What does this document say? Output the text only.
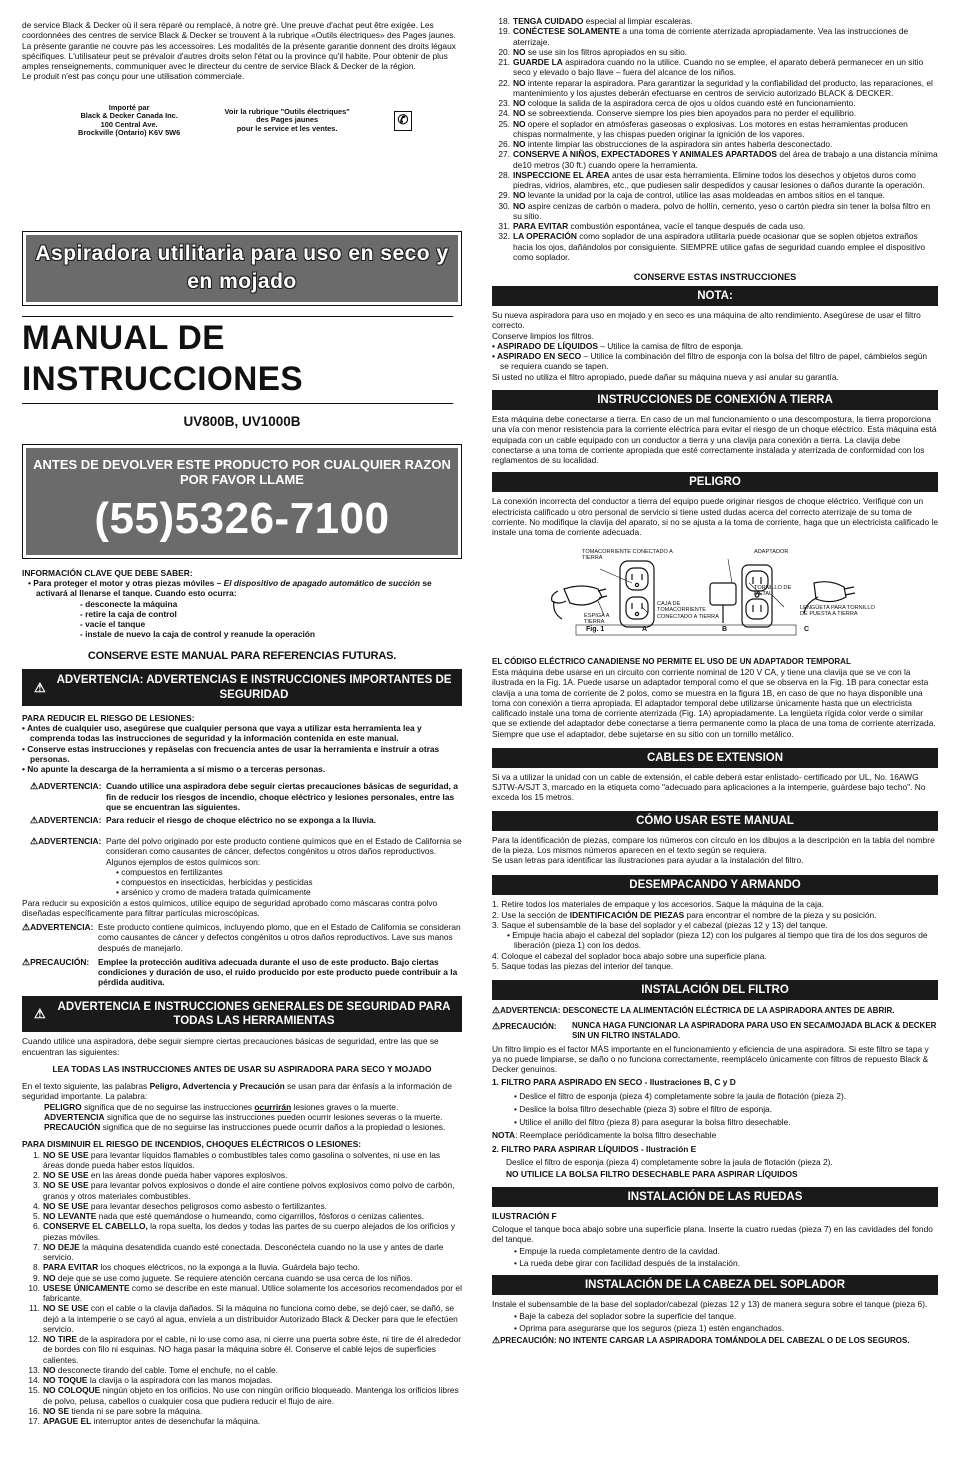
de service Black & Decker où il sera réparé ou remplacé, à notre gré. Une preuve d'achat peut être exigée. Les coordonnées des centres de service Black & Decker se trouvent à la rubrique «Outils électriques» des Pages jaunes.

La présente garantie ne couvre pas les accessoires. Les modalités de la présente garantie donnent des droits légaux spécifiques. L'utilisateur peut se prévaloir d'autres droits selon l'état ou la province qu'il habite. Pour obtenir de plus amples renseignements, communiquer avec le directeur du centre de service Black & Decker de la région.

Le produit n'est pas conçu pour une utilisation commerciale.

Importé par
Black & Decker Canada Inc.
100 Central Ave.
Brockville (Ontario) K6V 5W6
Voir la rubrique "Outils électriques"
des Pages jaunes
pour le service et les ventes.
✆
Aspiradora utilitaria para uso en seco y en mojado
MANUAL DE INSTRUCCIONES
UV800B, UV1000B
ANTES DE DEVOLVER ESTE PRODUCTO POR CUALQUIER RAZON POR FAVOR LLAME
(55)5326-7100

INFORMACIÓN CLAVE QUE DEBE SABER:

• Para proteger el motor y otras piezas móviles – El dispositivo de apagado automático de succión se activará al llenarse el tanque. Cuando esto ocurra:

- desconecte la máquina

- retire la caja de control

- vacíe el tanque

- instale de nuevo la caja de control y reanude la operación

CONSERVE ESTE MANUAL PARA REFERENCIAS FUTURAS.
⚠ ADVERTENCIA: ADVERTENCIAS E INSTRUCCIONES IMPORTANTES DE SEGURIDAD

PARA REDUCIR EL RIESGO DE LESIONES:

• Antes de cualquier uso, asegúrese que cualquier persona que vaya a utilizar esta herramienta lea y comprenda todas las instrucciones de seguridad y la información contenida en este manual.

• Conserve estas instrucciones y repáselas con frecuencia antes de usar la herramienta e instruir a otras personas.

• No apunte la descarga de la herramienta a sí mismo o a terceras personas.

⚠ADVERTENCIA: Cuando utilice una aspiradora debe seguir ciertas precauciones básicas de seguridad, a fin de reducir los riesgos de incendio, choque eléctrico y lesiones personales, entre las que se encuentran las siguientes.
⚠ADVERTENCIA: Para reducir el riesgo de choque eléctrico no se exponga a la lluvia.
⚠ADVERTENCIA: Parte del polvo originado por este producto contiene químicos que en el Estado de California se consideran como causantes de cáncer, defectos congénitos u otros daños reproductivos. Algunos ejemplos de estos químicos son:

• compuestos en fertilizantes

• compuestos en insecticidas, herbicidas y pesticidas

• arsénico y cromo de madera tratada químicamente

Para reducir su exposición a estos químicos, utilice equipo de seguridad aprobado como máscaras contra polvo diseñadas específicamente para filtrar partículas microscópicas.

⚠ADVERTENCIA: Este producto contiene químicos, incluyendo plomo, que en el Estado de California se consideran como causantes de cáncer y defectos congénitos u otros daños reproductivos. Lave sus manos después de manejarlo.
⚠PRECAUCIÓN:	Emplee la protección auditiva adecuada durante el uso de este producto. Bajo ciertas condiciones y duración de uso, el ruido producido por este producto puede contribuir a la pérdida auditiva.
⚠ ADVERTENCIA E INSTRUCCIONES GENERALES DE SEGURIDAD PARA TODAS LAS HERRAMIENTAS

Cuando utilice una aspiradora, debe seguir siempre ciertas precauciones básicas de seguridad, entre las que se encuentran las siguientes:

LEA TODAS LAS INSTRUCCIONES ANTES DE USAR SU ASPIRADORA PARA SECO Y MOJADO

En el texto siguiente, las palabras Peligro, Advertencia y Precaución se usan para dar énfasis a la información de seguridad importante. La palabra:

PELIGRO significa que de no seguirse las instrucciones ocurrirán lesiones graves o la muerte.

ADVERTENCIA significa que de no seguirse las instrucciones pueden ocurrir lesiones severas o la muerte.

PRECAUCIÓN significa que de no seguirse las instrucciones puede ocurrir daños a la propiedad o lesiones.

PARA DISMINUIR EL RIESGO DE INCENDIOS, CHOQUES ELÉCTRICOS O LESIONES:

1. NO SE USE para levantar líquidos flamables o combustibles tales como gasolina o solventes, ni use en las áreas donde pueda haber estos líquidos.

2. NO SE USE en las áreas donde pueda haber vapores explosivos.

3. NO SE USE para levantar polvos explosivos o donde el aire contiene polvos explosivos como polvo de carbón, granos y otros materiales combustibles.

4. NO SE USE para levantar desechos peligrosos como asbesto o fertilizantes.

5. NO LEVANTE nada que esté quemándose o humeando, como cigarrillos, fósforos o cenizas calientes.

6. CONSERVE EL CABELLO, la ropa suelta, los dedos y todas las partes de su cuerpo alejados de los orificios y piezas móviles.

7. NO DEJE la máquina desatendida cuando esté conectada. Desconéctela cuando no la use y antes de darle servicio.

8. PARA EVITAR los choques eléctricos, no la exponga a la lluvia. Guárdela bajo techo.

9. NO deje que se use como juguete. Se requiere atención cercana cuando se usa cerca de los niños.

10. USESE ÚNICAMENTE como se describe en este manual. Utilice solamente los accesorios recomendados por el fabricante.

11. NO SE USE con el cable o la clavija dañados. Si la máquina no funciona como debe, se dejó caer, se dañó, se dejó a la intemperie o se cayó al agua, envíela a un distribuidor Autorizado Black & Decker para que le efectúen servicio.

12. NO TIRE de la aspiradora por el cable, ni lo use como asa, ni cierre una puerta sobre éste, ni tire de él alrededor de bordes con filo ni esquinas. NO haga pasar la máquina sobre él. Conserve el cable lejos de superficies calientes.

13. NO desconecte tirando del cable. Tome el enchufe, no el cable.

14. NO TOQUE la clavija o la aspiradora con las manos mojadas.

15. NO COLOQUE ningún objeto en los orificios. No use con ningún orificio bloqueado. Mantenga los orificios libres de polvo, pelusa, cabellos o cualquier cosa que pudiera reducir el flujo de aire.

16. NO SE tienda ni se pare sobre la máquina.

17. APAGUE EL interruptor antes de desenchufar la máquina.

18. TENGA CUIDADO especial al limpiar escaleras.

19. CONÉCTESE SOLAMENTE a una toma de corriente aterrizada apropiadamente. Vea las instrucciones de aterrizaje.

20. NO se use sin los filtros apropiados en su sitio.

21. GUARDE LA aspiradora cuando no la utilice. Cuando no se emplee, el aparato deberá permanecer en un sitio seco y elevado o bajo llave – fuera del alcance de los niños.

22. NO intente reparar la aspiradora. Para garantizar la seguridad y la confiabilidad del producto, las reparaciones, el mantenimiento y los ajustes deberán efectuarse en centros de servicio autorizado BLACK & DECKER.

23. NO coloque la salida de la aspiradora cerca de ojos u oídos cuando esté en funcionamiento.

24. NO se sobreextienda. Conserve siempre los pies bien apoyados para no perder el equilibrio.

25. NO opere el soplador en atmósferas gaseosas o explosivas. Los motores en estas herramientas producen chispas normalmente, y las chispas pueden originar la ignición de los vapores.

26. NO intente limpiar las obstrucciones de la aspiradora sin antes haberla desconectado.

27. CONSERVE A NIÑOS, EXPECTADORES Y ANIMALES APARTADOS del área de trabajo a una distancia mínima de10 metros (30 ft.) cuando opere la herramienta.

28. INSPECCIONE EL ÁREA antes de usar esta herramienta. Elimine todos los desechos y objetos duros como piedras, vidrios, alambres, etc., que pudiesen salir despedidos y causar lesiones o daños durante la operación.

29. NO levante la unidad por la caja de control, utilice las asas moldeadas en ambos sitios en el tanque.

30. NO aspire cenizas de carbón o madera, polvo de hollín, cemento, yeso o cartón piedra sin tener la bolsa filtro en su sitio.

31. PARA EVITAR combustión espontánea, vacíe el tanque después de cada uso.

32. LA OPERACIÓN como soplador de una aspiradora utilitaria puede ocasionar que se soplen objetos extraños hacia los ojos, dañándolos por consiguiente. SIEMPRE utilice gafas de seguridad cuando emplee el dispositivo como soplador.

CONSERVE ESTAS INSTRUCCIONES
NOTA:

Su nueva aspiradora para uso en mojado y en seco es una máquina de alto rendimiento. Asegúrese de usar el filtro correcto.

Conserve limpios los filtros.

• ASPIRADO DE LÍQUIDOS – Utilice la camisa de filtro de esponja.

• ASPIRADO EN SECO – Utilice la combinación del filtro de esponja con la bolsa del filtro de papel, cámbielos según se requiera cuando se tapen.

Si usted no utiliza el filtro apropiado, puede dañar su máquina nueva y así anular su garantía.

INSTRUCCIONES DE CONEXIÓN A TIERRA

Esta máquina debe conectarse a tierra. En caso de un mal funcionamiento o una descompostura, la tierra proporciona una vía con menor resistencia para la corriente eléctrica para evitar el riesgo de un choque eléctrico. Esta máquina está equipada con un cable equipado con un conductor a tierra y una clavija para conexión a tierra. La clavija debe conectarse a una toma de corriente apropiada que esté correctamente instalada y aterrizada de conformidad con los reglamentos de su localidad.

PELIGRO

La conexión incorrecta del conductor a tierra del equipo puede originar riesgos de choque eléctrico. Verifique con un electricista calificado u otro personal de servicio si tiene usted dudas acerca del correcto aterrizaje de su toma de corriente. No modifique la clavija del aparato, si no se ajusta a la toma de corriente, haga que un electricista calificado le instale una toma de corriente adecuada.

TOMACORRIENTE CONECTADO A TIERRA
ADAPTADOR
TORNILLO DE METAL
ESPIGA A TIERRA
CAJA DE TOMACORRIENTE CONECTADO A TIERRA
LENGÜETA PARA TORNILLO DE PUESTA A TIERRA
Fig. 1	A	B	C

EL CÓDIGO ELÉCTRICO CANADIENSE NO PERMITE EL USO DE UN ADAPTADOR TEMPORAL

Esta máquina debe usarse en un circuito con corriente nominal de 120 V CA, y tiene una clavija que se ve con la ilustrada en la Fig. 1A. Puede usarse un adaptador temporal como el que se observa en la Fig. 1B para conectar esta clavija a una toma de corriente de 2 polos, como se muestra en la figura 1B, en caso de que no haya disponible una toma con conexión a tierra apropiada. El adaptador temporal debe utilizarse únicamente hasta que un electricista calificado instale una toma de corriente aterrizada (Fig. 1A) apropiadamente. La lengüeta rígida color verde o similar que se extiende del adaptador debe conectarse a tierra permanente como la placa de una toma de corriente aterrizada. Siempre que use el adaptador, debe sujetarse en su sitio con un tornillo metálico.

CABLES DE EXTENSION

Si va a utilizar la unidad con un cable de extensión, el cable deberá estar enlistado- certificado por UL, No. 16AWG SJTW-A/SJT 3, marcado en la etiqueta como "adecuado para aplicaciones a la intemperie, guárdese bajo techo". No exceda los 15 metros.

CÓMO USAR ESTE MANUAL

Para la identificación de piezas, compare los números con círculo en los dibujos a la descripción en la tabla del nombre de la pieza. Los mismos números aparecen en el texto según se requiera.

Se usan letras para identificar las ilustraciones para ayudar a la instalación del filtro.

DESEMPACANDO Y ARMANDO

1. Retire todos los materiales de empaque y los accesorios. Saque la máquina de la caja.

2. Use la sección de IDENTIFICACIÓN DE PIEZAS para encontrar el nombre de la pieza y su posición.

3. Saque el subensamble de la base del soplador y el cabezal (piezas 12 y 13) del tanque.

• Empuje hacia abajo el cabezal del soplador (pieza 12) con los pulgares al tiempo que tira de los dos seguros de liberación (pieza 1) con los dedos.

4. Coloque el cabezal del soplador boca abajo sobre una superficie plana.

5. Saque todas las piezas del interior del tanque.

INSTALACIÓN DEL FILTRO

⚠ADVERTENCIA: DESCONECTE LA ALIMENTACIÓN ELÉCTRICA DE LA ASPIRADORA ANTES DE ABRIR.

⚠PRECAUCIÓN:	NUNCA HAGA FUNCIONAR LA ASPIRADORA PARA USO EN SECA/MOJADA BLACK & DECKER SIN UN FILTRO INSTALADO.

Un filtro limpio es el factor MÁS importante en el funcionamiento y eficiencia de una aspiradora. Si este filtro se tapa y ya no puede limpiarse, se daño o no funciona correctamente, reemplácelo únicamente con filtros de repuesto Black & Decker genuinos.

1. FILTRO PARA ASPIRADO EN SECO - Ilustraciones B, C y D

• Deslice el filtro de esponja (pieza 4) completamente sobre la jaula de flotación (pieza 2).

• Deslice la bolsa filtro desechable (pieza 3) sobre el filtro de esponja.

• Utilice el anillo del filtro (pieza 8) para asegurar la bolsa filtro desechable.

NOTA: Reemplace periódicamente la bolsa filtro desechable

2. FILTRO PARA ASPIRAR LÍQUIDOS - Ilustración E

Deslice el filtro de esponja (pieza 4) completamente sobre la jaula de flotación (pieza 2).

NO UTILICE LA BOLSA FILTRO DESECHABLE PARA ASPIRAR LÍQUIDOS

INSTALACIÓN DE LAS RUEDAS

ILUSTRACIÓN F

Coloque el tanque boca abajo sobre una superficie plana. Inserte la cuatro ruedas (pieza 7) en las cavidades del fondo del tanque.

• Empuje la rueda completamente dentro de la cavidad.

• La rueda debe girar con facilidad después de la instalación.

INSTALACIÓN DE LA CABEZA DEL SOPLADOR

Instale el subensamble de la base del soplador/cabezal (piezas 12 y 13) de manera segura sobre el tanque (pieza 6).

• Baje la cabeza del soplador sobre la superficie del tanque.

• Oprima para asegurarse que los seguros (pieza 1) estén enganchados.

⚠PRECAUCIÓN: NO INTENTE CARGAR LA ASPIRADORA TOMÁNDOLA DEL CABEZAL O DE LOS SEGUROS.
